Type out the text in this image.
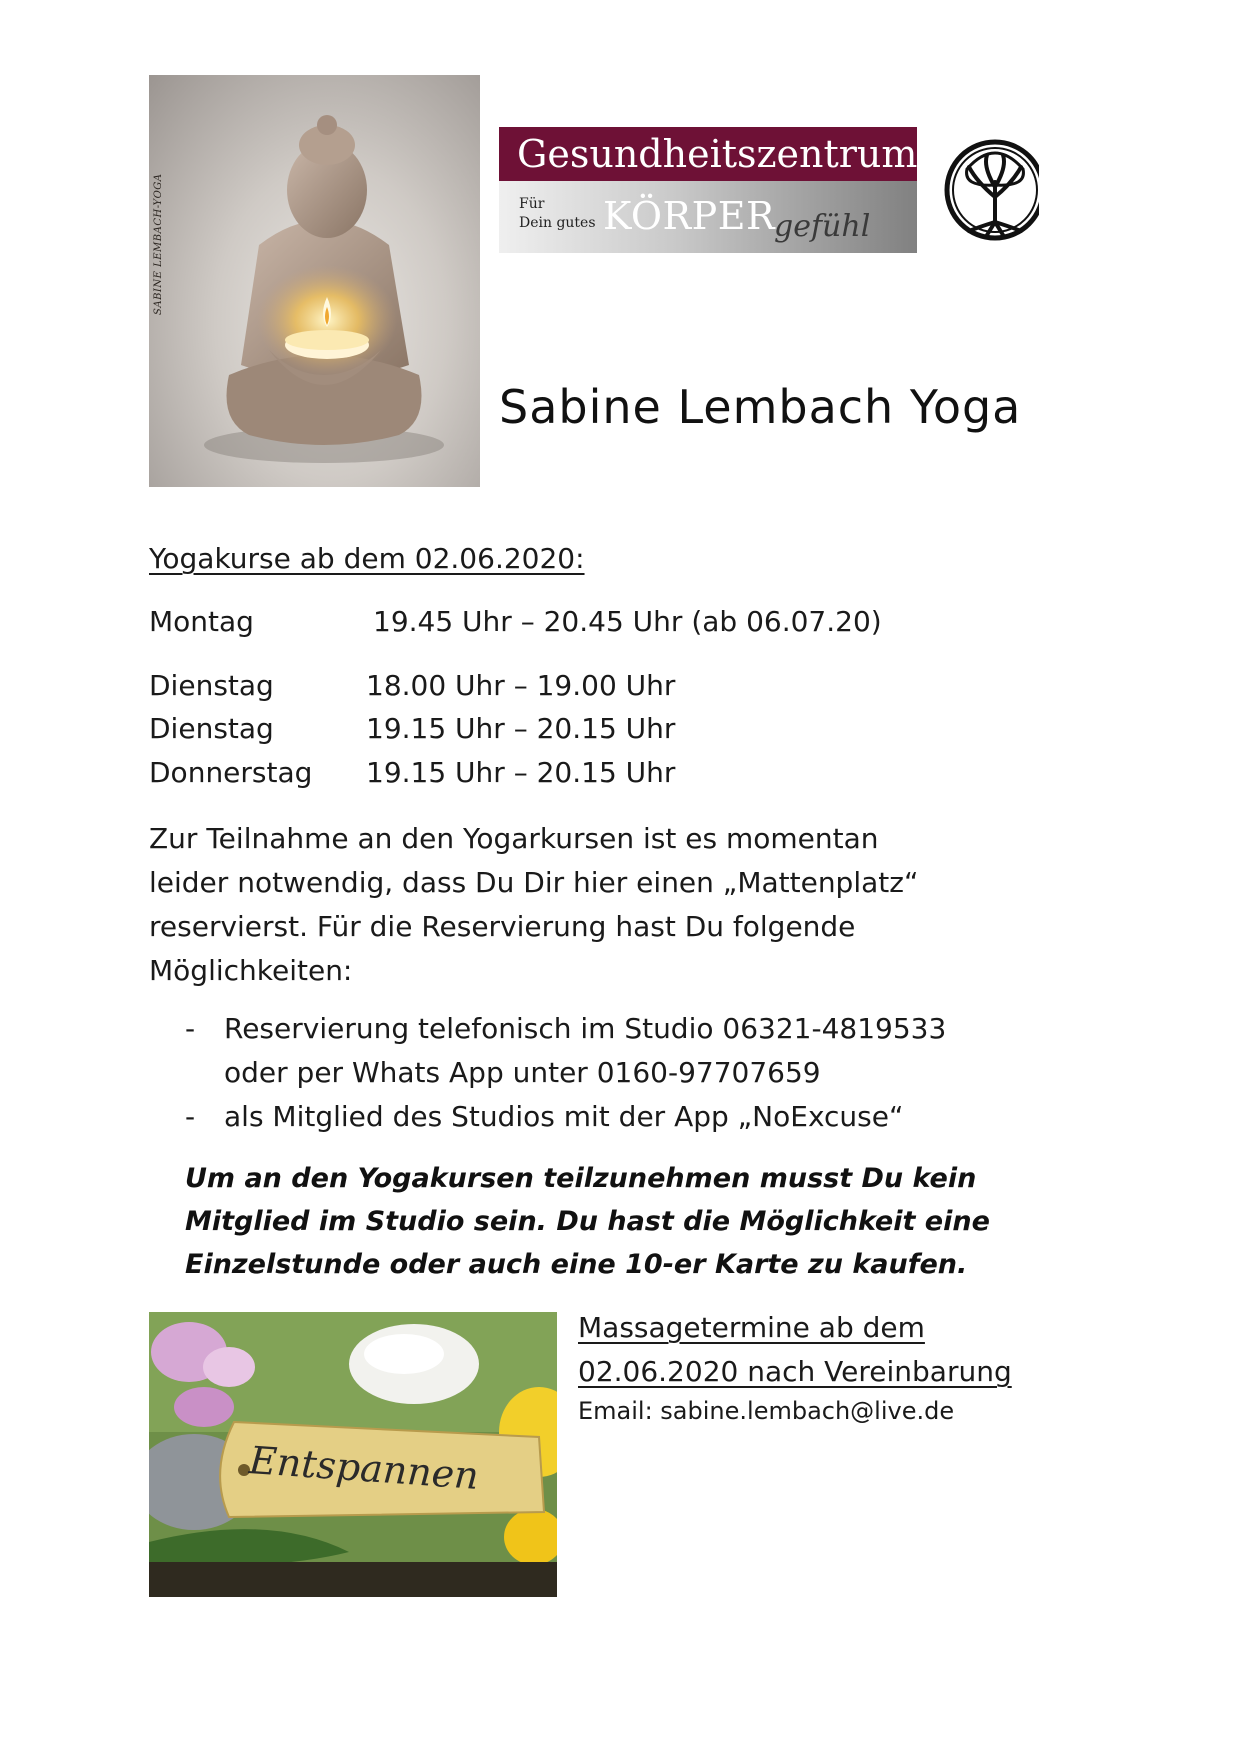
SABINE LEMBACH-YOGA
Gesundheitszentrum
Für
Dein gutes KÖRPER
gefühl
Sabine Lembach Yoga
Yogakurse ab dem 02.06.2020:
Montag	19.45 Uhr – 20.45 Uhr (ab 06.07.20)
Dienstag	18.00 Uhr – 19.00 Uhr
Dienstag	19.15 Uhr – 20.15 Uhr
Donnerstag 19.15 Uhr – 20.15 Uhr
Zur Teilnahme an den Yogarkursen ist es momentan
leider notwendig, dass Du Dir hier einen „Mattenplatz“
reservierst. Für die Reservierung hast Du folgende
Möglichkeiten:
- Reservierung telefonisch im Studio 06321-4819533
oder per Whats App unter 0160-97707659
- als Mitglied des Studios mit der App „NoExcuse“
Um an den Yogakursen teilzunehmen musst Du kein
Mitglied im Studio sein. Du hast die Möglichkeit eine
Einzelstunde oder auch eine 10-er Karte zu kaufen.
Entspannen
Massagetermine ab dem
02.06.2020 nach Vereinbarung
Email: sabine.lembach@live.de
